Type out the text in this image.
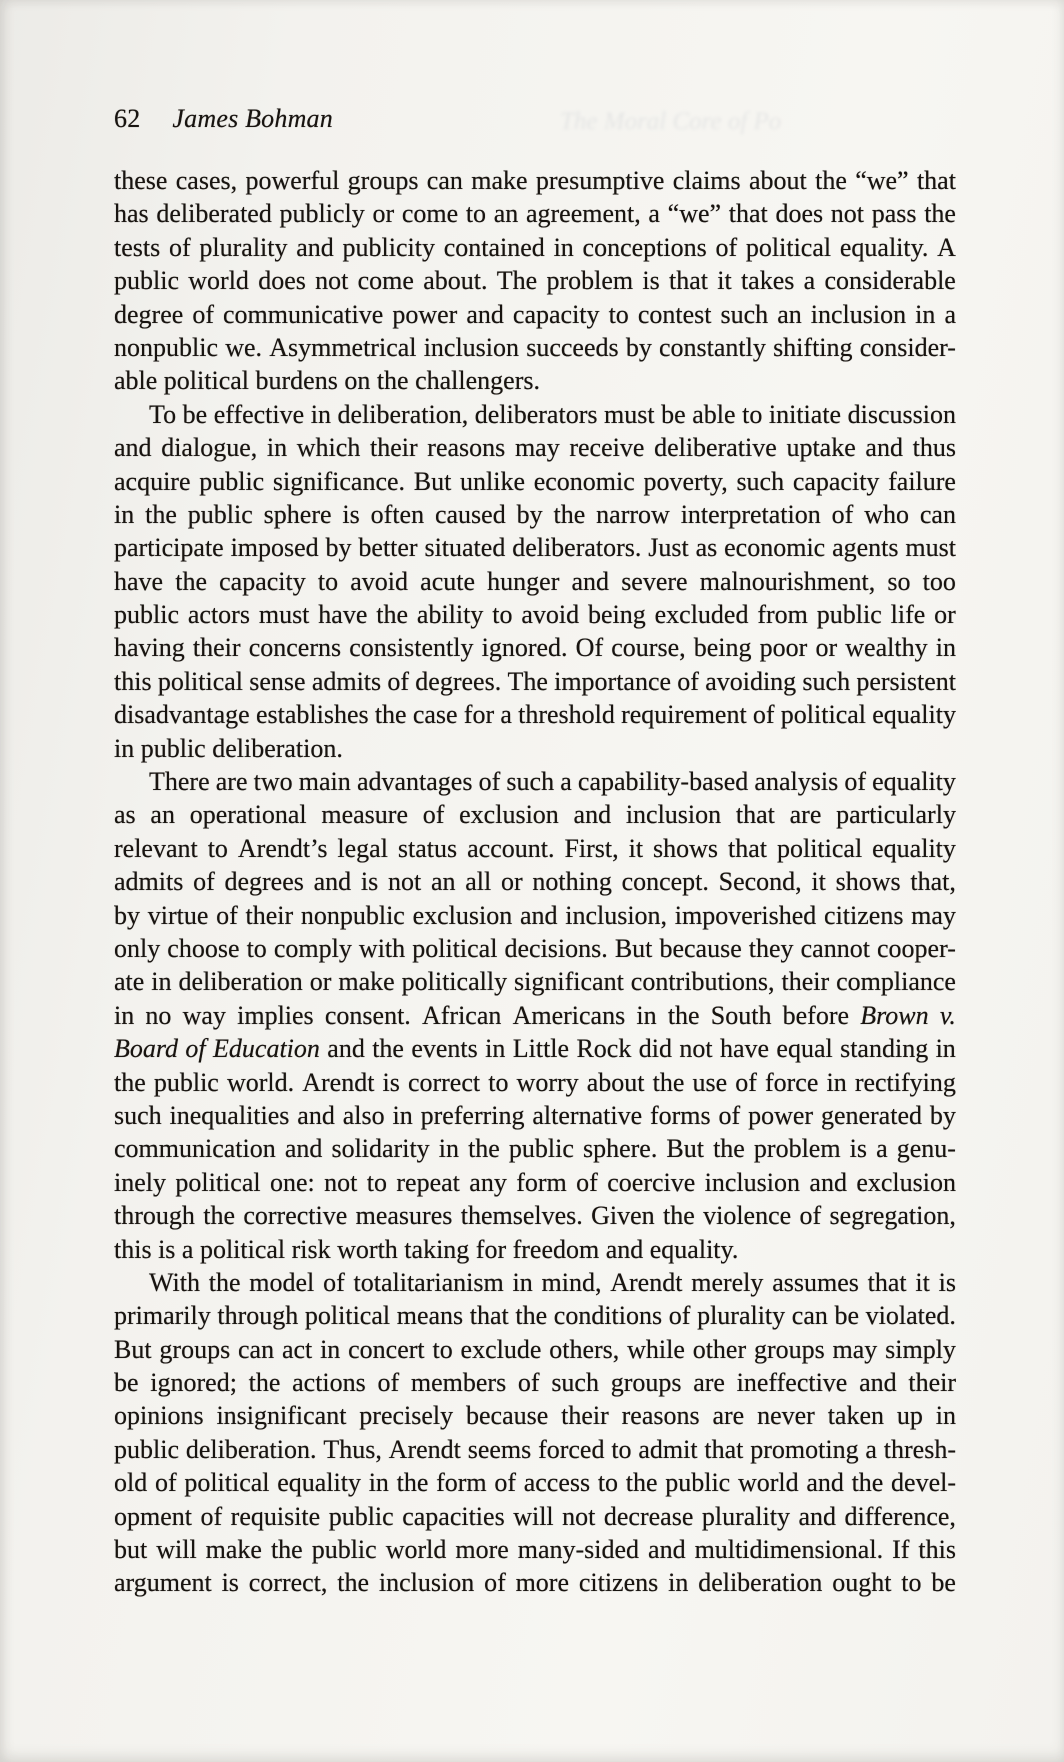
The Moral Core of Po
62 James Bohman
these cases, powerful groups can make presumptive claims about the “we” that
has deliberated publicly or come to an agreement, a “we” that does not pass the
tests of plurality and publicity contained in conceptions of political equality. A
public world does not come about. The problem is that it takes a considerable
degree of communicative power and capacity to contest such an inclusion in a
nonpublic we. Asymmetrical inclusion succeeds by constantly shifting consider-
able political burdens on the challengers.
To be effective in deliberation, deliberators must be able to initiate discussion
and dialogue, in which their reasons may receive deliberative uptake and thus
acquire public significance. But unlike economic poverty, such capacity failure
in the public sphere is often caused by the narrow interpretation of who can
participate imposed by better situated deliberators. Just as economic agents must
have the capacity to avoid acute hunger and severe malnourishment, so too
public actors must have the ability to avoid being excluded from public life or
having their concerns consistently ignored. Of course, being poor or wealthy in
this political sense admits of degrees. The importance of avoiding such persistent
disadvantage establishes the case for a threshold requirement of political equality
in public deliberation.
There are two main advantages of such a capability-based analysis of equality
as an operational measure of exclusion and inclusion that are particularly
relevant to Arendt’s legal status account. First, it shows that political equality
admits of degrees and is not an all or nothing concept. Second, it shows that,
by virtue of their nonpublic exclusion and inclusion, impoverished citizens may
only choose to comply with political decisions. But because they cannot cooper-
ate in deliberation or make politically significant contributions, their compliance
in no way implies consent. African Americans in the South before Brown v.
Board of Education and the events in Little Rock did not have equal standing in
the public world. Arendt is correct to worry about the use of force in rectifying
such inequalities and also in preferring alternative forms of power generated by
communication and solidarity in the public sphere. But the problem is a genu-
inely political one: not to repeat any form of coercive inclusion and exclusion
through the corrective measures themselves. Given the violence of segregation,
this is a political risk worth taking for freedom and equality.
With the model of totalitarianism in mind, Arendt merely assumes that it is
primarily through political means that the conditions of plurality can be violated.
But groups can act in concert to exclude others, while other groups may simply
be ignored; the actions of members of such groups are ineffective and their
opinions insignificant precisely because their reasons are never taken up in
public deliberation. Thus, Arendt seems forced to admit that promoting a thresh-
old of political equality in the form of access to the public world and the devel-
opment of requisite public capacities will not decrease plurality and difference,
but will make the public world more many-sided and multidimensional. If this
argument is correct, the inclusion of more citizens in deliberation ought to be
